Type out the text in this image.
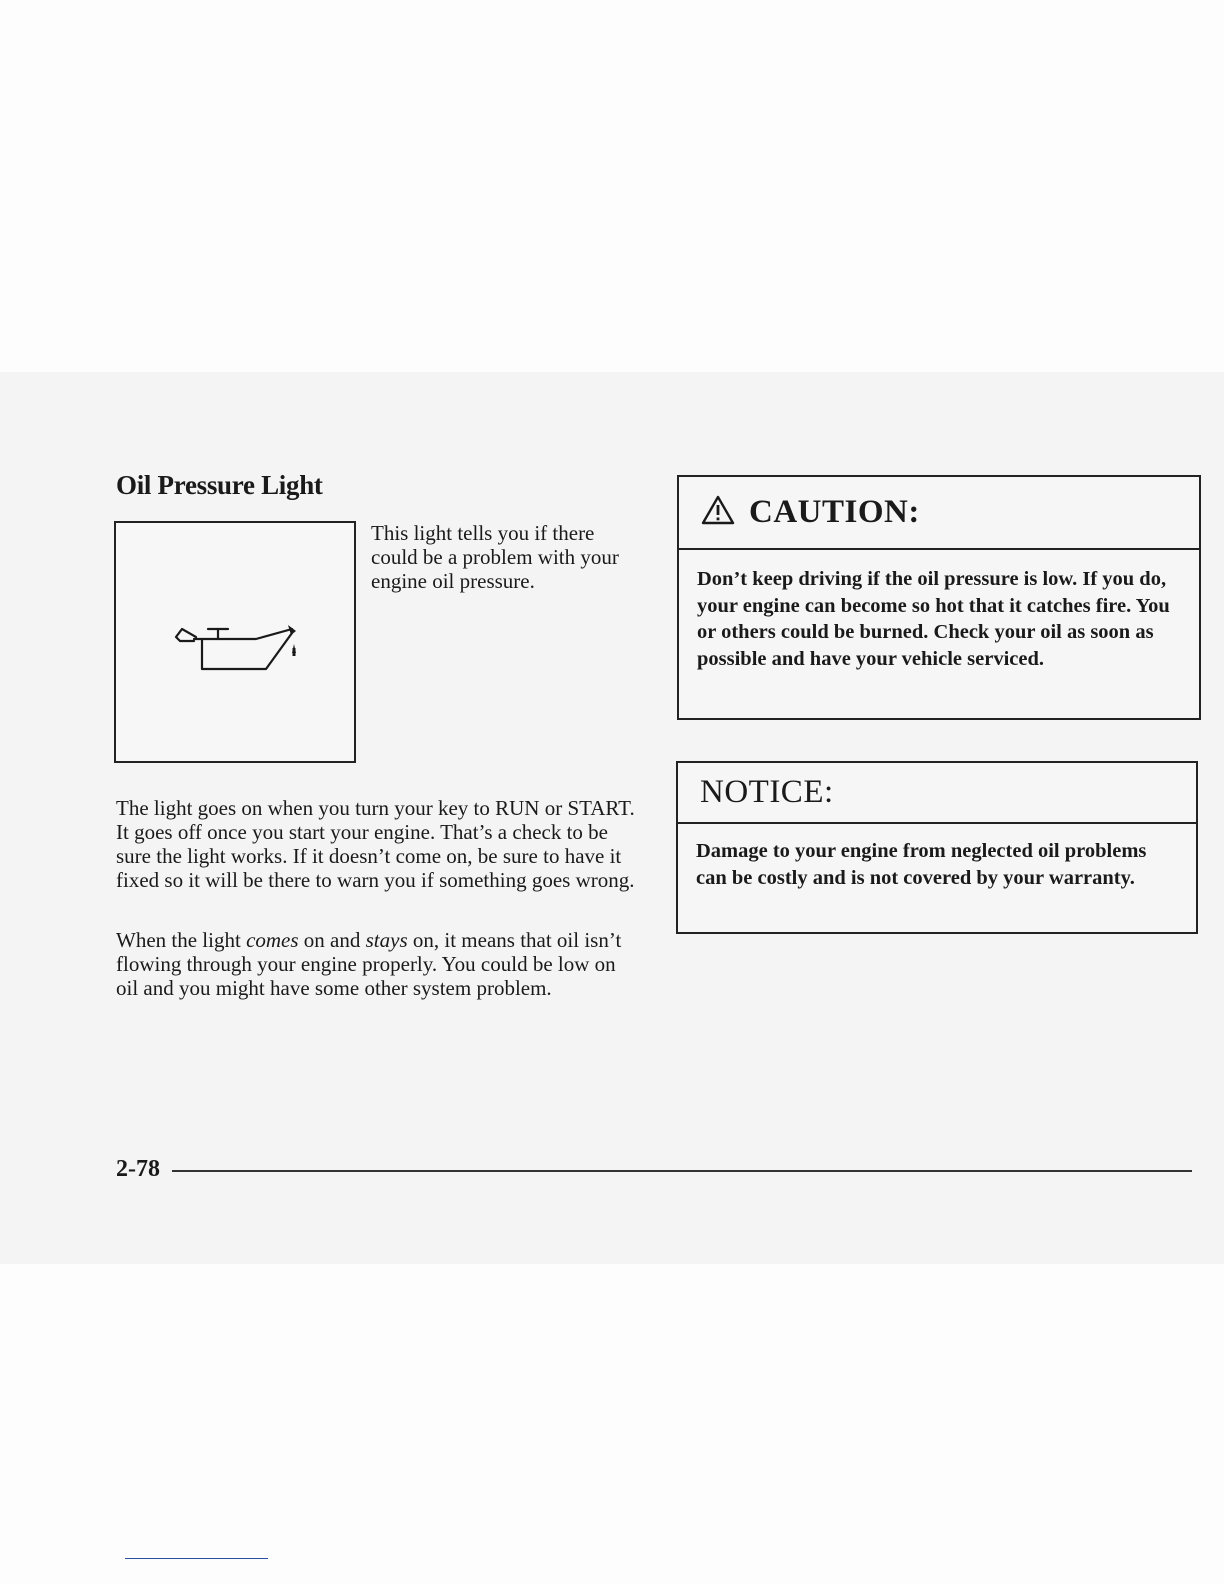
Oil Pressure Light

This light tells you if there could be a problem with your engine oil pressure.

The light goes on when you turn your key to RUN or START. It goes off once you start your engine. That’s a check to be sure the light works. If it doesn’t come on, be sure to have it fixed so it will be there to warn you if something goes wrong.

When the light comes on and stays on, it means that oil isn’t flowing through your engine properly. You could be low on oil and you might have some other system problem.

CAUTION:

Don’t keep driving if the oil pressure is low. If you do, your engine can become so hot that it catches fire. You or others could be burned. Check your oil as soon as possible and have your vehicle serviced.

NOTICE:

Damage to your engine from neglected oil problems can be costly and is not covered by your warranty.

2-78
